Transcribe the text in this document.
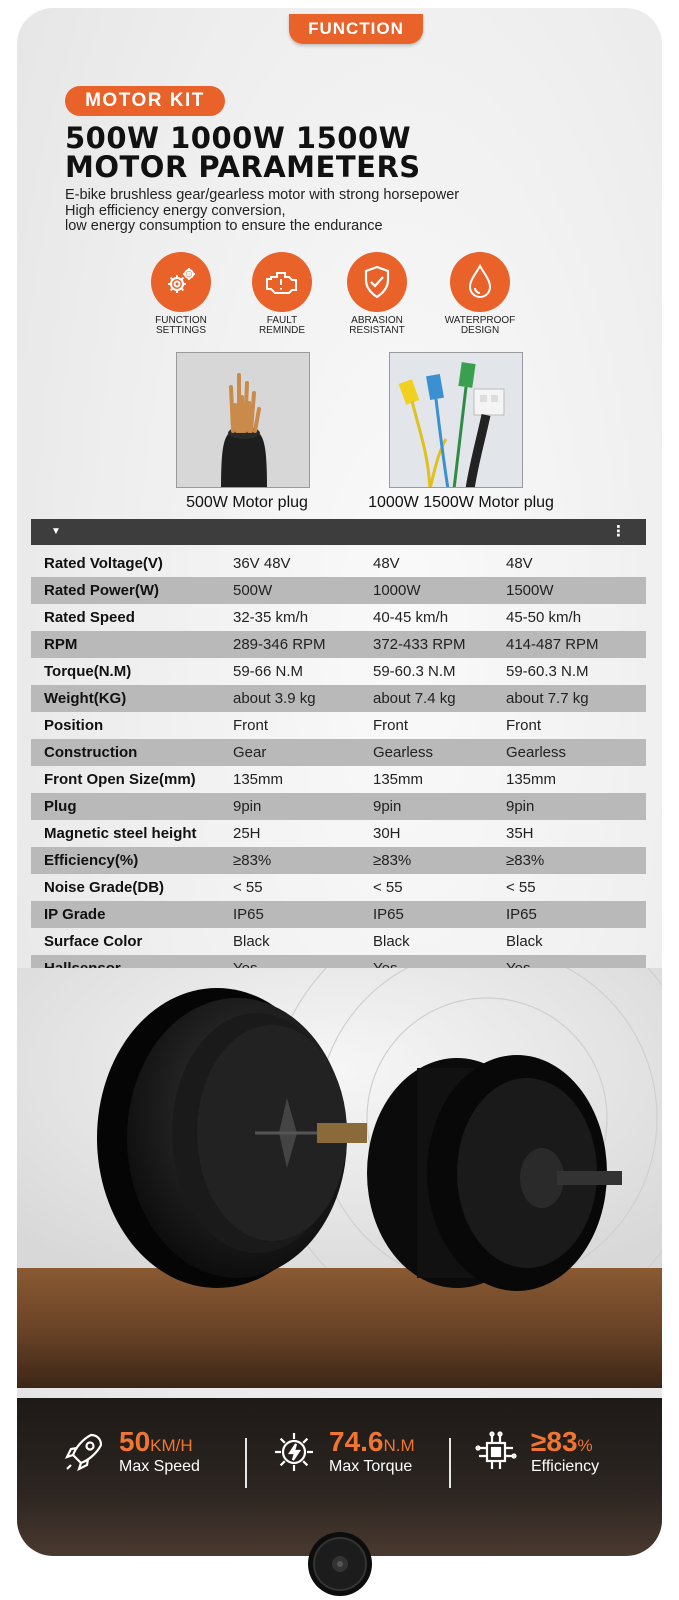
FUNCTION
MOTOR KIT
500W 1000W 1500W
MOTOR PARAMETERS
E-bike brushless gear/gearless motor with strong horsepower
High efficiency energy conversion,
low energy consumption to ensure the endurance
FUNCTION
SETTINGS
FAULT
REMINDE
ABRASION
RESISTANT
WATERPROOF
DESIGN
500W Motor plug	1000W 1500W Motor plug
▼	⋮
Rated Voltage(V)	36V 48V	48V	48V
Rated Power(W)	500W	1000W	1500W
Rated Speed	32-35 km/h	40-45 km/h	45-50 km/h
RPM	289-346 RPM	372-433 RPM	414-487 RPM
Torque(N.M)	59-66 N.M	59-60.3 N.M	59-60.3 N.M
Weight(KG)	about 3.9 kg	about 7.4 kg	about 7.7 kg
Position	Front	Front	Front
Construction	Gear	Gearless	Gearless
Front Open Size(mm)	135mm	135mm	135mm
Plug	9pin	9pin	9pin
Magnetic steel height	25H	30H	35H
Efficiency(%)	≥83%	≥83%	≥83%
Noise Grade(DB)	< 55	< 55	< 55
IP Grade	IP65	IP65	IP65
Surface Color	Black	Black	Black
50KM/H
Max Speed
74.6N.M
Max Torque
≥83%
Efficiency
